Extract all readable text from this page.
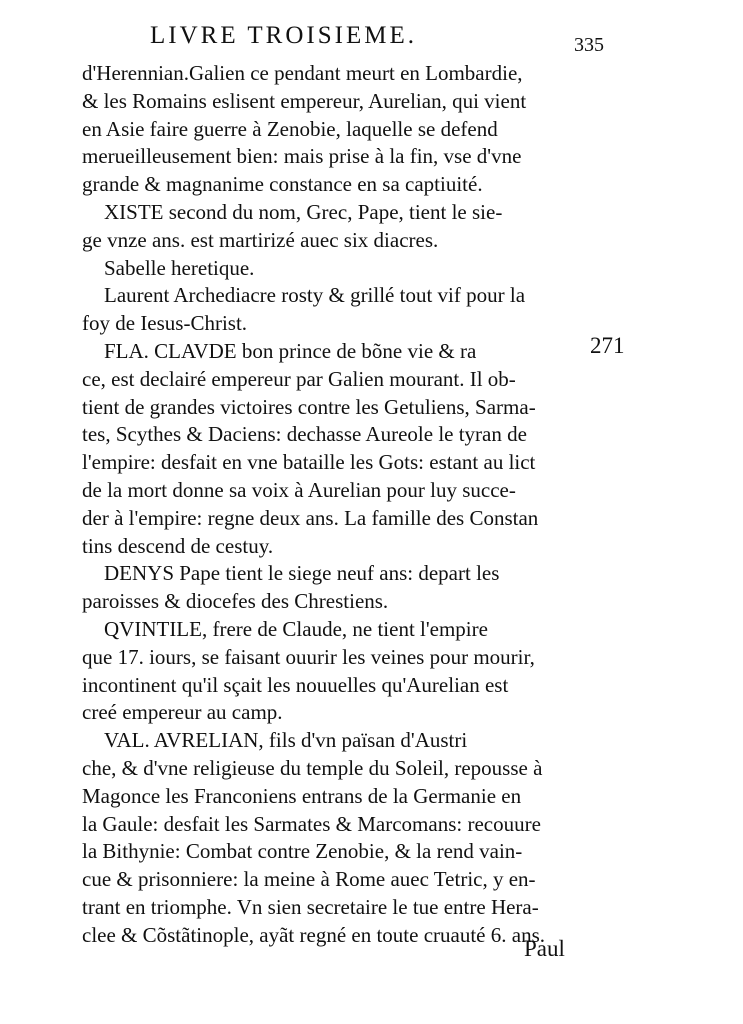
LIVRE TROISIEME.	335
271
d'Herennian.Galien ce pendant meurt en Lombardie,
& les Romains eslisent empereur, Aurelian, qui vient
en Asie faire guerre à Zenobie, laquelle se defend
merueilleusement bien: mais prise à la fin, vse d'vne
grande & magnanime constance en sa captiuité.
XISTE second du nom, Grec, Pape, tient le sie-
ge vnze ans. est martirizé auec six diacres.
Sabelle heretique.
Laurent Archediacre rosty & grillé tout vif pour la
foy de Iesus-Christ.
FLA. CLAVDE bon prince de bõne vie & ra
ce, est declairé empereur par Galien mourant. Il ob-
tient de grandes victoires contre les Getuliens, Sarma-
tes, Scythes & Daciens: dechasse Aureole le tyran de
l'empire: desfait en vne bataille les Gots: estant au lict
de la mort donne sa voix à Aurelian pour luy succe-
der à l'empire: regne deux ans. La famille des Constan
tins descend de cestuy.
DENYS Pape tient le siege neuf ans: depart les
paroisses & diocefes des Chrestiens.
QVINTILE, frere de Claude, ne tient l'empire
que 17. iours, se faisant ouurir les veines pour mourir,
incontinent qu'il sçait les nouuelles qu'Aurelian est
creé empereur au camp.
VAL. AVRELIAN, fils d'vn païsan d'Austri
che, & d'vne religieuse du temple du Soleil, repousse à
Magonce les Franconiens entrans de la Germanie en
la Gaule: desfait les Sarmates & Marcomans: recouure
la Bithynie: Combat contre Zenobie, & la rend vain-
cue & prisonniere: la meine à Rome auec Tetric, y en-
trant en triomphe. Vn sien secretaire le tue entre Hera-
clee & Cõstãtinople, ayãt regné en toute cruauté 6. ans.
Paul
